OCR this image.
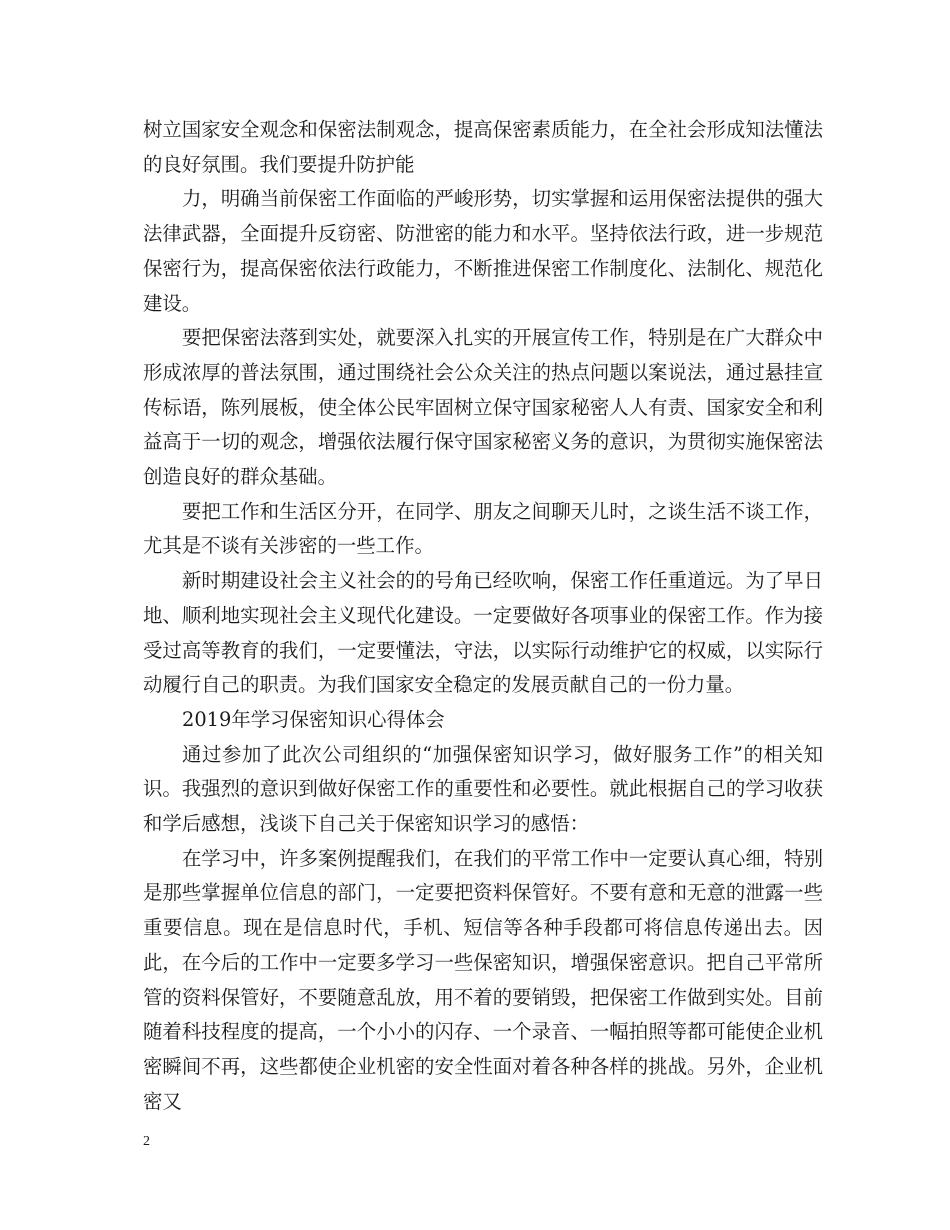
树立国家安全观念和保密法制观念，提高保密素质能力，在全社会形成知法懂法的良好氛围。我们要提升防护能

力，明确当前保密工作面临的严峻形势，切实掌握和运用保密法提供的强大法律武器，全面提升反窃密、防泄密的能力和水平。坚持依法行政，进一步规范保密行为，提高保密依法行政能力，不断推进保密工作制度化、法制化、规范化建设。

要把保密法落到实处，就要深入扎实的开展宣传工作，特别是在广大群众中形成浓厚的普法氛围，通过围绕社会公众关注的热点问题以案说法，通过悬挂宣传标语，陈列展板，使全体公民牢固树立保守国家秘密人人有责、国家安全和利益高于一切的观念，增强依法履行保守国家秘密义务的意识，为贯彻实施保密法创造良好的群众基础。

要把工作和生活区分开，在同学、朋友之间聊天儿时，之谈生活不谈工作，尤其是不谈有关涉密的一些工作。

新时期建设社会主义社会的的号角已经吹响，保密工作任重道远。为了早日地、顺利地实现社会主义现代化建设。一定要做好各项事业的保密工作。作为接受过高等教育的我们，一定要懂法，守法，以实际行动维护它的权威，以实际行动履行自己的职责。为我们国家安全稳定的发展贡献自己的一份力量。

2019年学习保密知识心得体会

通过参加了此次公司组织的“加强保密知识学习，做好服务工作”的相关知识。我强烈的意识到做好保密工作的重要性和必要性。就此根据自己的学习收获和学后感想，浅谈下自己关于保密知识学习的感悟：

在学习中，许多案例提醒我们，在我们的平常工作中一定要认真心细，特别是那些掌握单位信息的部门，一定要把资料保管好。不要有意和无意的泄露一些重要信息。现在是信息时代，手机、短信等各种手段都可将信息传递出去。因此，在今后的工作中一定要多学习一些保密知识，增强保密意识。把自己平常所管的资料保管好，不要随意乱放，用不着的要销毁，把保密工作做到实处。目前随着科技程度的提高，一个小小的闪存、一个录音、一幅拍照等都可能使企业机密瞬间不再，这些都使企业机密的安全性面对着各种各样的挑战。另外，企业机密又

2
